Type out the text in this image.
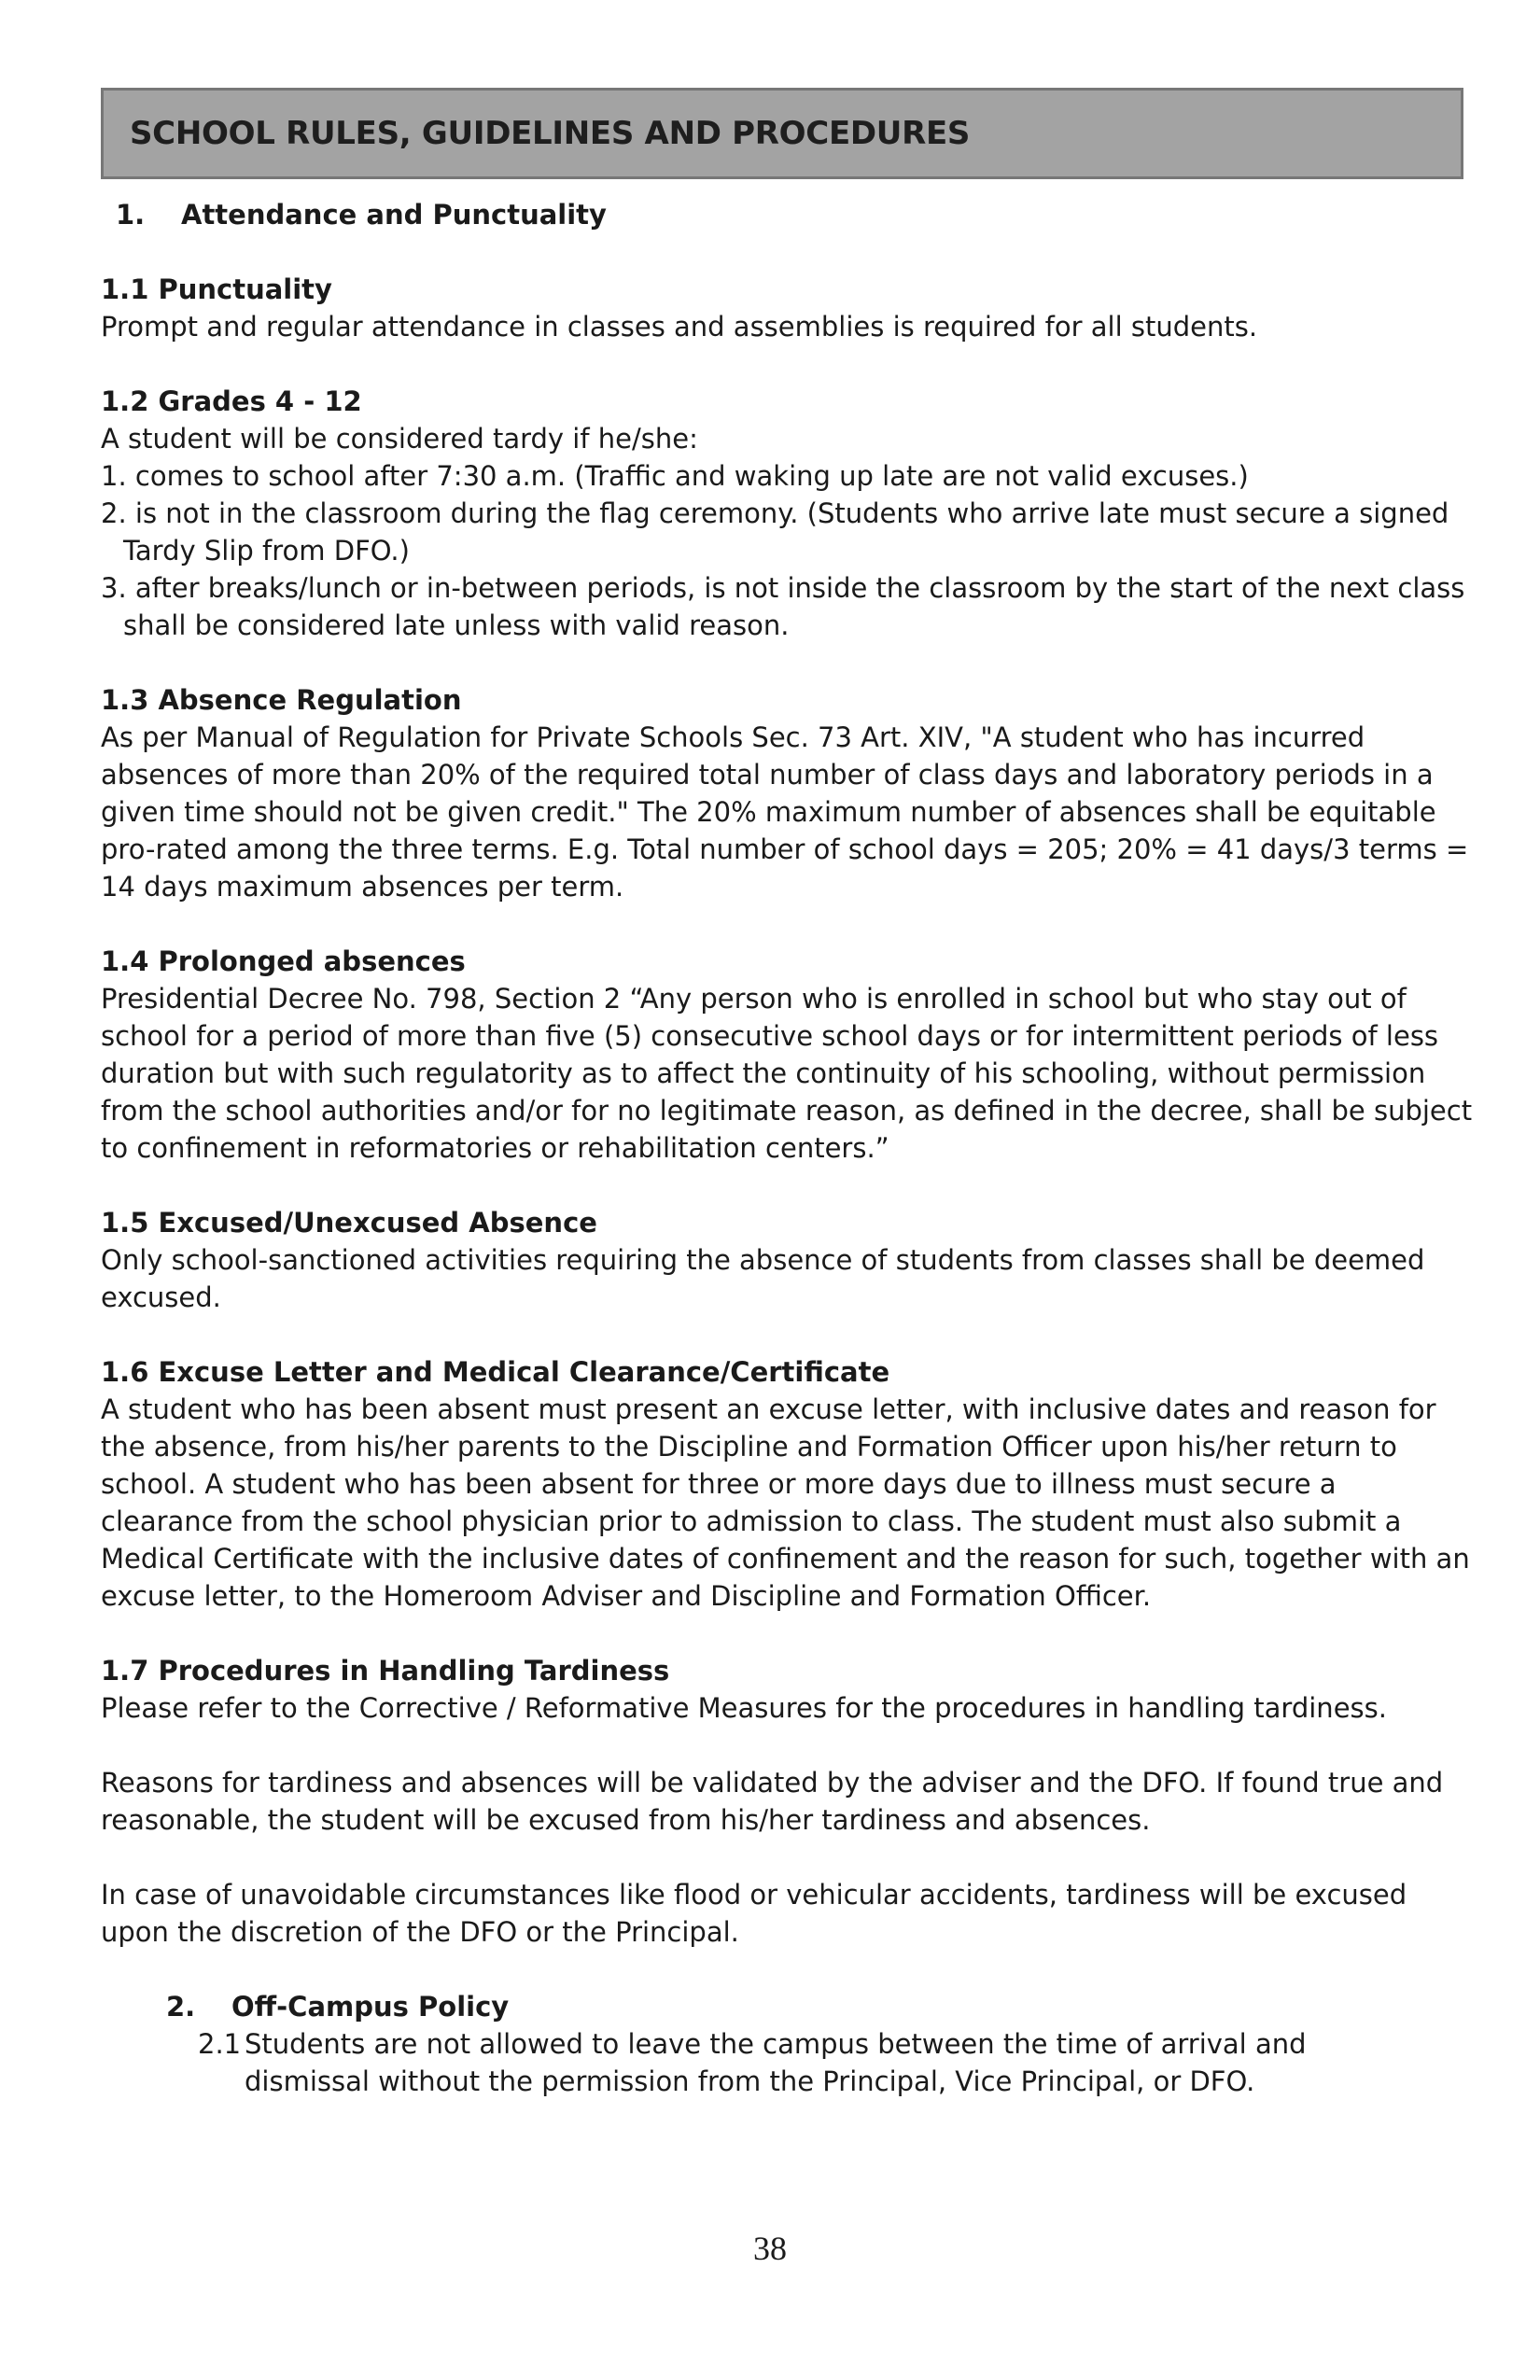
SCHOOL RULES, GUIDELINES AND PROCEDURES
1.	Attendance and Punctuality
1.1 Punctuality
Prompt and regular attendance in classes and assemblies is required for all students.
1.2 Grades 4 - 12
A student will be considered tardy if he/she:
1. comes to school after 7:30 a.m. (Traffic and waking up late are not valid excuses.)
2. is not in the classroom during the flag ceremony. (Students who arrive late must secure a signed Tardy Slip from DFO.)
3. after breaks/lunch or in-between periods, is not inside the classroom by the start of the next class shall be considered late unless with valid reason.
1.3 Absence Regulation
As per Manual of Regulation for Private Schools Sec. 73 Art. XIV, "A student who has incurred absences of more than 20% of the required total number of class days and laboratory periods in a given time should not be given credit." The 20% maximum number of absences shall be equitable pro-rated among the three terms. E.g. Total number of school days = 205; 20% = 41 days/3 terms = 14 days maximum absences per term.
1.4 Prolonged absences
Presidential Decree No. 798, Section 2 “Any person who is enrolled in school but who stay out of school for a period of more than five (5) consecutive school days or for intermittent periods of less duration but with such regulatority as to affect the continuity of his schooling, without permission from the school authorities and/or for no legitimate reason, as defined in the decree, shall be subject to confinement in reformatories or rehabilitation centers.”
1.5 Excused/Unexcused Absence
Only school-sanctioned activities requiring the absence of students from classes shall be deemed excused.
1.6 Excuse Letter and Medical Clearance/Certificate
A student who has been absent must present an excuse letter, with inclusive dates and reason for the absence, from his/her parents to the Discipline and Formation Officer upon his/her return to school. A student who has been absent for three or more days due to illness must secure a clearance from the school physician prior to admission to class. The student must also submit a Medical Certificate with the inclusive dates of confinement and the reason for such, together with an excuse letter, to the Homeroom Adviser and Discipline and Formation Officer.
1.7 Procedures in Handling Tardiness
Please refer to the Corrective / Reformative Measures for the procedures in handling tardiness.
Reasons for tardiness and absences will be validated by the adviser and the DFO. If found true and reasonable, the student will be excused from his/her tardiness and absences.
In case of unavoidable circumstances like flood or vehicular accidents, tardiness will be excused upon the discretion of the DFO or the Principal.
2.	Off-Campus Policy
2.1 Students are not allowed to leave the campus between the time of arrival and dismissal without the permission from the Principal, Vice Principal, or DFO.
38
